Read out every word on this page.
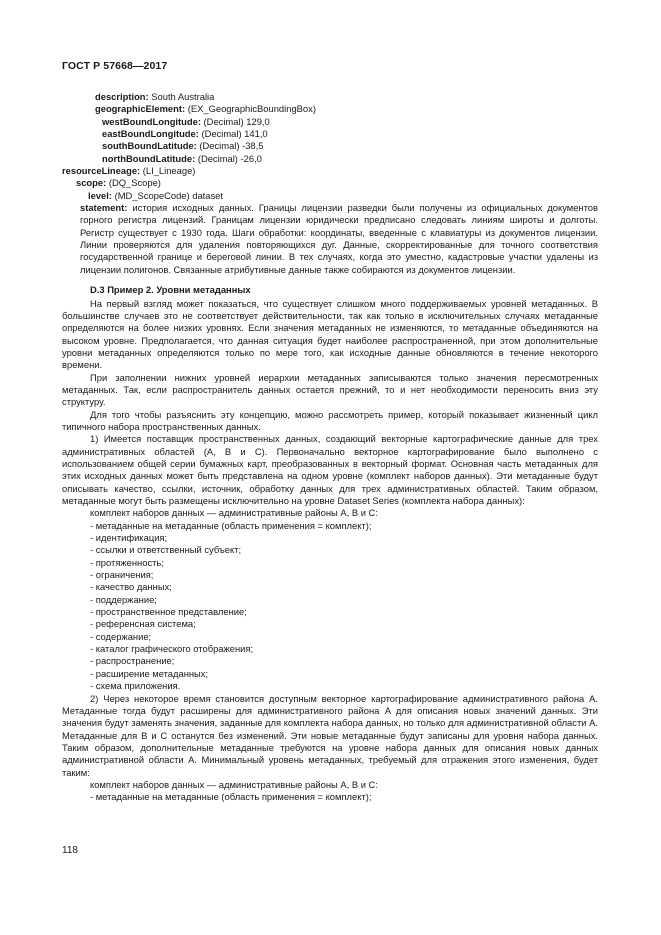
ГОСТ Р 57668—2017
description: South Australia
geographicElement: (EX_GeographicBoundingBox)
westBoundLongitude: (Decimal) 129,0
eastBoundLongitude: (Decimal) 141,0
southBoundLatitude: (Decimal) -38,5
northBoundLatitude: (Decimal) -26,0
resourceLineage: (LI_Lineage)
scope: (DQ_Scope)
level: (MD_ScopeCode) dataset
statement: история исходных данных. Границы лицензии разведки были получены из официальных документов горного регистра лицензий. Границам лицензии юридически предписано следовать линиям широты и долготы. Регистр существует с 1930 года. Шаги обработки: координаты, введенные с клавиатуры из документов лицензии. Линии проверяются для удаления повторяющихся дуг. Данные, скорректированные для точного соответствия государственной границе и береговой линии. В тех случаях, когда это уместно, кадастровые участки удалены из лицензии полигонов. Связанные атрибутивные данные также собираются из документов лицензии.
D.3 Пример 2. Уровни метаданных
На первый взгляд может показаться, что существует слишком много поддерживаемых уровней метаданных. В большинстве случаев это не соответствует действительности, так как только в исключительных случаях метаданные определяются на более низких уровнях. Если значения метаданных не изменяются, то метаданные объединяются на высоком уровне. Предполагается, что данная ситуация будет наиболее распространенной, при этом дополнительные уровни метаданных определяются только по мере того, как исходные данные обновляются в течение некоторого времени.
При заполнении нижних уровней иерархии метаданных записываются только значения пересмотренных метаданных. Так, если распространитель данных остается прежний, то и нет необходимости переносить вниз эту структуру.
Для того чтобы разъяснить эту концепцию, можно рассмотреть пример, который показывает жизненный цикл типичного набора пространственных данных.
1) Имеется поставщик пространственных данных, создающий векторные картографические данные для трех административных областей (A, B и C). Первоначально векторное картографирование было выполнено с использованием общей серии бумажных карт, преобразованных в векторный формат. Основная часть метаданных для этих исходных данных может быть представлена на одном уровне (комплект наборов данных). Эти метаданные будут описывать качество, ссылки, источник, обработку данных для трех административных областей. Таким образом, метаданные могут быть размещены исключительно на уровне Dataset Series (комплекта набора данных):
комплект наборов данных — административные районы A, B и C:
- метаданные на метаданные (область применения = комплект);
- идентификация;
- ссылки и ответственный субъект;
- протяженность;
- ограничения;
- качество данных;
- поддержание;
- пространственное представление;
- референсная система;
- содержание;
- каталог графического отображения;
- распространение;
- расширение метаданных;
- схема приложения.
2) Через некоторое время становится доступным векторное картографирование административного района A. Метаданные тогда будут расширены для административного района A для описания новых значений данных. Эти значения будут заменять значения, заданные для комплекта набора данных, но только для административной области A. Метаданные для B и C останутся без изменений. Эти новые метаданные будут записаны для уровня набора данных. Таким образом, дополнительные метаданные требуются на уровне набора данных для описания новых данных административной области A. Минимальный уровень метаданных, требуемый для отражения этого изменения, будет таким:
комплект наборов данных — административные районы A, B и C:
- метаданные на метаданные (область применения = комплект);
118
